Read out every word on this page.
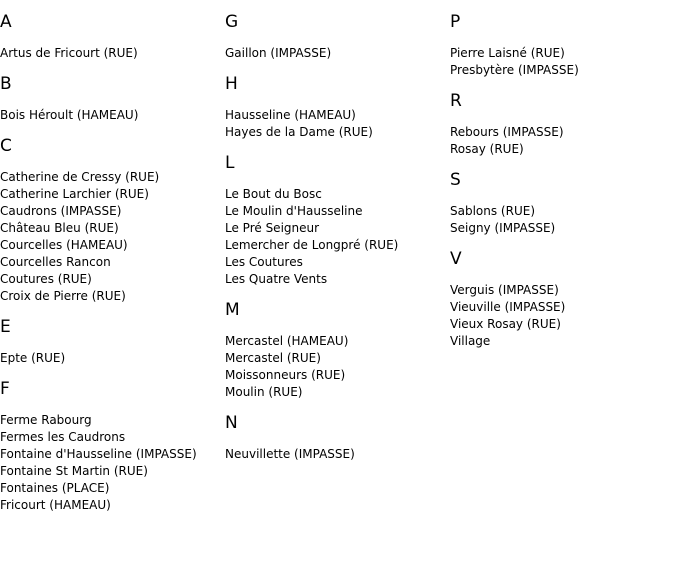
A
Artus de Fricourt (RUE)
B
Bois Héroult (HAMEAU)
C
Catherine de Cressy (RUE)
Catherine Larchier (RUE)
Caudrons (IMPASSE)
Château Bleu (RUE)
Courcelles (HAMEAU)
Courcelles Rancon
Coutures (RUE)
Croix de Pierre (RUE)
E
Epte (RUE)
F
Ferme Rabourg
Fermes les Caudrons
Fontaine d'Hausseline (IMPASSE)
Fontaine St Martin (RUE)
Fontaines (PLACE)
Fricourt (HAMEAU)
G
Gaillon (IMPASSE)
H
Hausseline (HAMEAU)
Hayes de la Dame (RUE)
L
Le Bout du Bosc
Le Moulin d'Hausseline
Le Pré Seigneur
Lemercher de Longpré (RUE)
Les Coutures
Les Quatre Vents
M
Mercastel (HAMEAU)
Mercastel (RUE)
Moissonneurs (RUE)
Moulin (RUE)
N
Neuvillette (IMPASSE)
P
Pierre Laisné (RUE)
Presbytère (IMPASSE)
R
Rebours (IMPASSE)
Rosay (RUE)
S
Sablons (RUE)
Seigny (IMPASSE)
V
Verguis (IMPASSE)
Vieuville (IMPASSE)
Vieux Rosay (RUE)
Village
